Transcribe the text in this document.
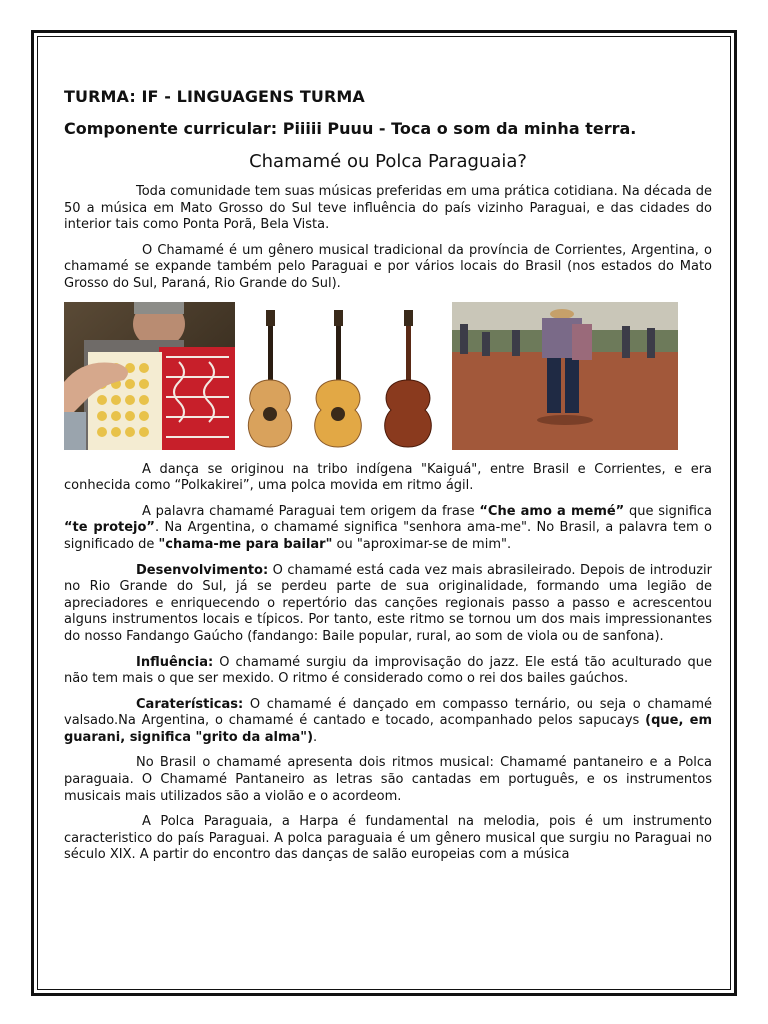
TURMA: IF - LINGUAGENS TURMA
Componente curricular: Piiiii Puuu - Toca o som da minha terra.
Chamamé ou Polca Paraguaia?

Toda comunidade tem suas músicas preferidas em uma prática cotidiana. Na década de 50 a música em Mato Grosso do Sul teve influência do país vizinho Paraguai, e das cidades do interior tais como Ponta Porã, Bela Vista.

O Chamamé é um gênero musical tradicional da província de Corrientes, Argentina, o chamamé se expande também pelo Paraguai e por vários locais do Brasil (nos estados do Mato Grosso do Sul, Paraná, Rio Grande do Sul).

A dança se originou na tribo indígena "Kaiguá", entre Brasil e Corrientes, e era conhecida como “Polkakirei”, uma polca movida em ritmo ágil.

A palavra chamamé Paraguai tem origem da frase “Che amo a memé” que significa “te protejo”. Na Argentina, o chamamé significa "senhora ama-me". No Brasil, a palavra tem o significado de "chama-me para bailar" ou "aproximar-se de mim".

Desenvolvimento: O chamamé está cada vez mais abrasileirado. Depois de introduzir no Rio Grande do Sul, já se perdeu parte de sua originalidade, formando uma legião de apreciadores e enriquecendo o repertório das canções regionais passo a passo e acrescentou alguns instrumentos locais e típicos. Por tanto, este ritmo se tornou um dos mais impressionantes do nosso Fandango Gaúcho (fandango: Baile popular, rural, ao som de viola ou de sanfona).

Influência: O chamamé surgiu da improvisação do jazz. Ele está tão aculturado que não tem mais o que ser mexido. O ritmo é considerado como o rei dos bailes gaúchos.

Caraterísticas: O chamamé é dançado em compasso ternário, ou seja o chamamé valsado.Na Argentina, o chamamé é cantado e tocado, acompanhado pelos sapucays (que, em guarani, significa "grito da alma").

No Brasil o chamamé apresenta dois ritmos musical: Chamamé pantaneiro e a Polca paraguaia. O Chamamé Pantaneiro as letras são cantadas em português, e os instrumentos musicais mais utilizados são a violão e o acordeom.

A Polca Paraguaia, a Harpa é fundamental na melodia, pois é um instrumento caracteristico do país Paraguai. A polca paraguaia é um gênero musical que surgiu no Paraguai no século XIX. A partir do encontro das danças de salão europeias com a música
